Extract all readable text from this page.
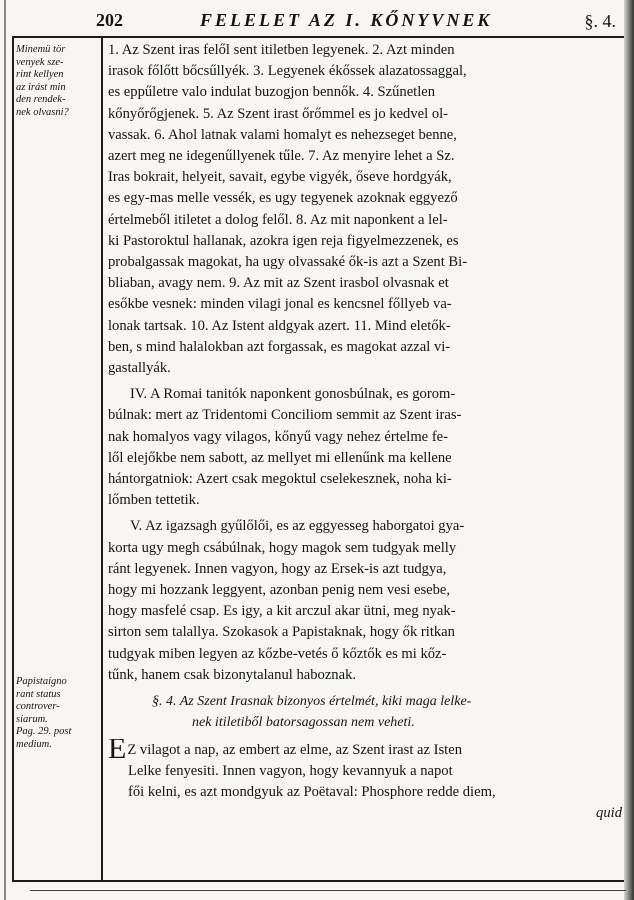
202	FELELET AZ I. KŐNYVNEK	§. 4.
Minemü tör
venyek sze-
rint kellyen
az irást min
den rendek-
nek olvasni?
Papistaigno
rant status
controver-
siarum.
Pag. 29. post
medium.
1. Az Szent iras felől sent itiletben legyenek. 2. Azt minden
irasok főlőtt bőcsűllyék. 3. Legyenek ékőssek alazatossaggal,
es eppűletre valo indulat buzogjon bennők. 4. Szűnetlen
kőnyőrőgjenek. 5. Az Szent irast őrőmmel es jo kedvel ol-
vassak. 6. Ahol latnak valami homalyt es nehezseget benne,
azert meg ne idegenűllyenek tűle. 7. Az menyire lehet a Sz.
Iras bokrait, helyeit, savait, egybe vigyék, őseve hordgyák,
es egy-mas melle vessék, es ugy tegyenek azoknak eggyező
értelmeből itiletet a dolog felől. 8. Az mit naponkent a lel-
ki Pastoroktul hallanak, azokra igen reja figyelmezzenek, es
probalgassak magokat, ha ugy olvassaké ők-is azt a Szent Bi-
bliaban, avagy nem. 9. Az mit az Szent irasbol olvasnak et
esőkbe vesnek: minden vilagi jonal es kencsnel főllyeb va-
lonak tartsak. 10. Az Istent aldgyak azert. 11. Mind eletők-
ben, s mind halalokban azt forgassak, es magokat azzal vi-
gastallyák.
IV. A Romai tanitók naponkent gonosbúlnak, es gorom-
búlnak: mert az Tridentomi Conciliom semmit az Szent iras-
nak homalyos vagy vilagos, kőnyű vagy nehez értelme fe-
lől elejőkbe nem sabott, az mellyet mi ellenűnk ma kellene
hántorgatniok: Azert csak megoktul cselekesznek, noha ki-
lőmben tettetik.
V. Az igazsagh gyűlőlői, es az eggyesseg haborgatoi gya-
korta ugy megh csábúlnak, hogy magok sem tudgyak melly
ránt legyenek. Innen vagyon, hogy az Ersek-is azt tudgya,
hogy mi hozzank leggyent, azonban penig nem vesi esebe,
hogy masfelé csap. Es igy, a kit arczul akar ütni, meg nyak-
sirton sem talallya. Szokasok a Papistaknak, hogy ők ritkan
tudgyak miben legyen az kőzbe-vetés ő kőztők es mi kőz-
tűnk, hanem csak bizonytalanul haboznak.
§. 4. Az Szent Irasnak bizonyos értelmét, kiki maga lelke-
nek itiletiből batorsagossan nem veheti.
EZ vilagot a nap, az embert az elme, az Szent irast az Isten
Lelke fenyesiti. Innen vagyon, hogy kevannyuk a napot
fői kelni, es azt mondgyuk az Poëtaval: Phosphore redde diem,
quid
